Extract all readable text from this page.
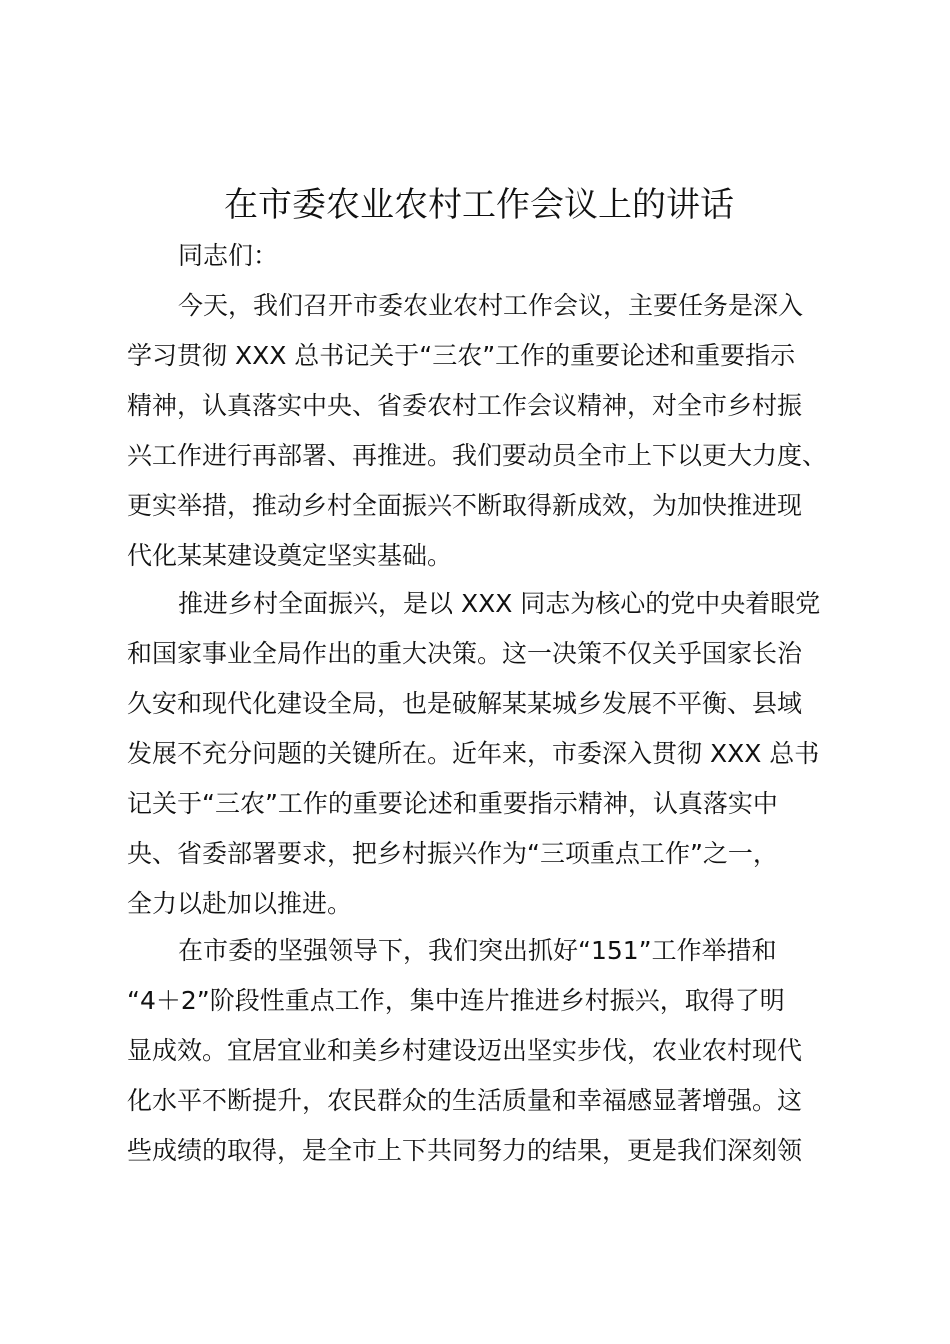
在市委农业农村工作会议上的讲话
同志们：
今天，我们召开市委农业农村工作会议，主要任务是深入
学习贯彻 XXX 总书记关于“三农”工作的重要论述和重要指示
精神，认真落实中央、省委农村工作会议精神，对全市乡村振
兴工作进行再部署、再推进。我们要动员全市上下以更大力度、
更实举措，推动乡村全面振兴不断取得新成效，为加快推进现
代化某某建设奠定坚实基础。
推进乡村全面振兴，是以 XXX 同志为核心的党中央着眼党
和国家事业全局作出的重大决策。这一决策不仅关乎国家长治
久安和现代化建设全局，也是破解某某城乡发展不平衡、县域
发展不充分问题的关键所在。近年来，市委深入贯彻 XXX 总书
记关于“三农”工作的重要论述和重要指示精神，认真落实中
央、省委部署要求，把乡村振兴作为“三项重点工作”之一，
全力以赴加以推进。
在市委的坚强领导下，我们突出抓好“151”工作举措和
“4＋2”阶段性重点工作，集中连片推进乡村振兴，取得了明
显成效。宜居宜业和美乡村建设迈出坚实步伐，农业农村现代
化水平不断提升，农民群众的生活质量和幸福感显著增强。这
些成绩的取得，是全市上下共同努力的结果，更是我们深刻领
